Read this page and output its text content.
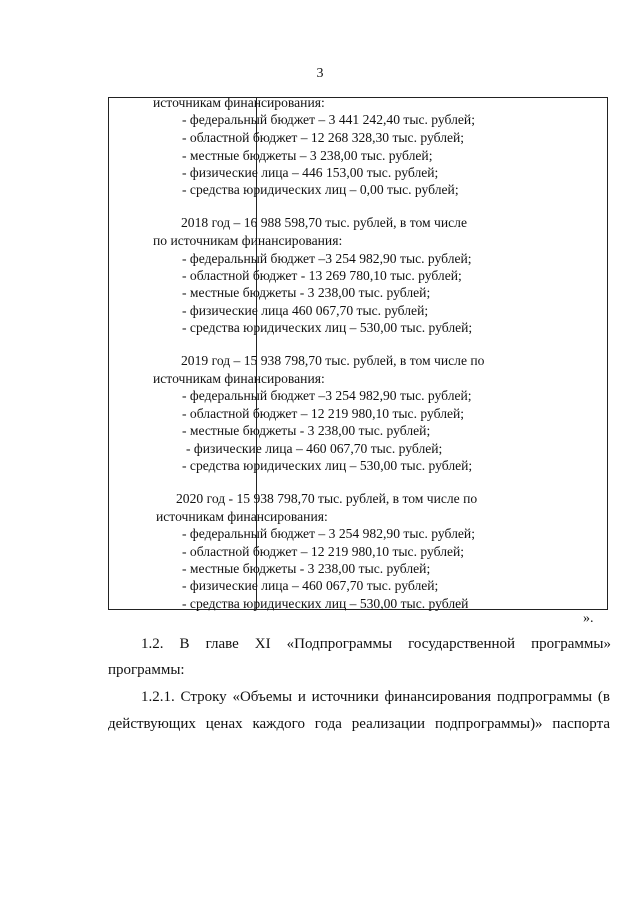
3
источникам финансирования:
- федеральный бюджет – 3 441 242,40 тыс. рублей;
- областной бюджет – 12 268 328,30 тыс. рублей;
- местные бюджеты – 3 238,00 тыс. рублей;
- физические лица – 446 153,00 тыс. рублей;
- средства юридических лиц – 0,00 тыс. рублей;
2018 год – 16 988 598,70 тыс. рублей, в том числе
по источникам финансирования:
- федеральный бюджет –3 254 982,90 тыс. рублей;
- областной бюджет - 13 269 780,10 тыс. рублей;
- местные бюджеты - 3 238,00 тыс. рублей;
- физические лица 460 067,70 тыс. рублей;
- средства юридических лиц – 530,00 тыс. рублей;
2019 год – 15 938 798,70 тыс. рублей, в том числе по
источникам финансирования:
- федеральный бюджет –3 254 982,90 тыс. рублей;
- областной бюджет – 12 219 980,10 тыс. рублей;
- местные бюджеты - 3 238,00 тыс. рублей;
- физические лица – 460 067,70 тыс. рублей;
- средства юридических лиц – 530,00 тыс. рублей;
2020 год - 15 938 798,70 тыс. рублей, в том числе по
источникам финансирования:
- федеральный бюджет – 3 254 982,90 тыс. рублей;
- областной бюджет – 12 219 980,10 тыс. рублей;
- местные бюджеты - 3 238,00 тыс. рублей;
- физические лица – 460 067,70 тыс. рублей;
- средства юридических лиц – 530,00 тыс. рублей
».
1.2. В главе XI «Подпрограммы государственной программы»
программы:
1.2.1. Строку «Объемы и источники финансирования подпрограммы (в
действующих ценах каждого года реализации подпрограммы)» паспорта
